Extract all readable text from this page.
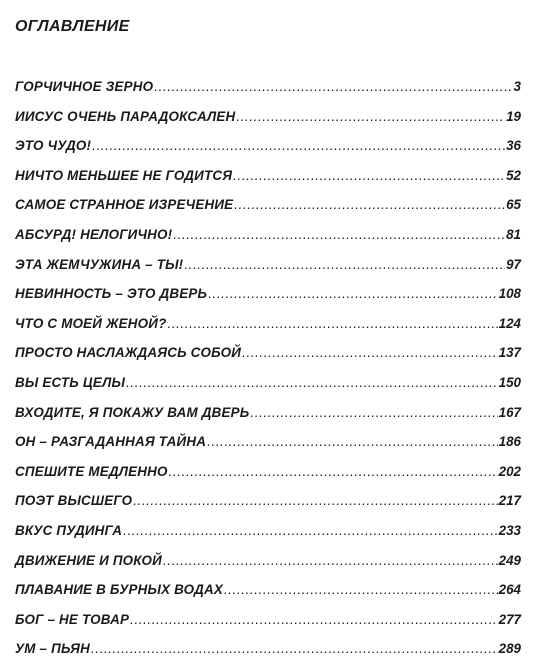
ОГЛАВЛЕНИЕ
ГОРЧИЧНОЕ ЗЕРНО .....	3
ИИСУС ОЧЕНЬ ПАРАДОКСАЛЕН .....	19
ЭТО ЧУДО! .....	36
НИЧТО МЕНЬШЕЕ НЕ ГОДИТСЯ .....	52
САМОЕ СТРАННОЕ ИЗРЕЧЕНИЕ .....	65
АБСУРД! НЕЛОГИЧНО! .....	81
ЭТА ЖЕМЧУЖИНА – ТЫ! .....	97
НЕВИННОСТЬ – ЭТО ДВЕРЬ .....	108
ЧТО С МОЕЙ ЖЕНОЙ? .....	124
ПРОСТО НАСЛАЖДАЯСЬ СОБОЙ .....	137
ВЫ ЕСТЬ ЦЕЛЫ .....	150
ВХОДИТЕ, Я ПОКАЖУ ВАМ ДВЕРЬ .....	167
ОН – РАЗГАДАННАЯ ТАЙНА .....	186
СПЕШИТЕ МЕДЛЕННО .....	202
ПОЭТ ВЫСШЕГО .....	217
ВКУС ПУДИНГА .....	233
ДВИЖЕНИЕ И ПОКОЙ .....	249
ПЛАВАНИЕ В БУРНЫХ ВОДАХ .....	264
БОГ – НЕ ТОВАР .....	277
УМ – ПЬЯН .....	289
